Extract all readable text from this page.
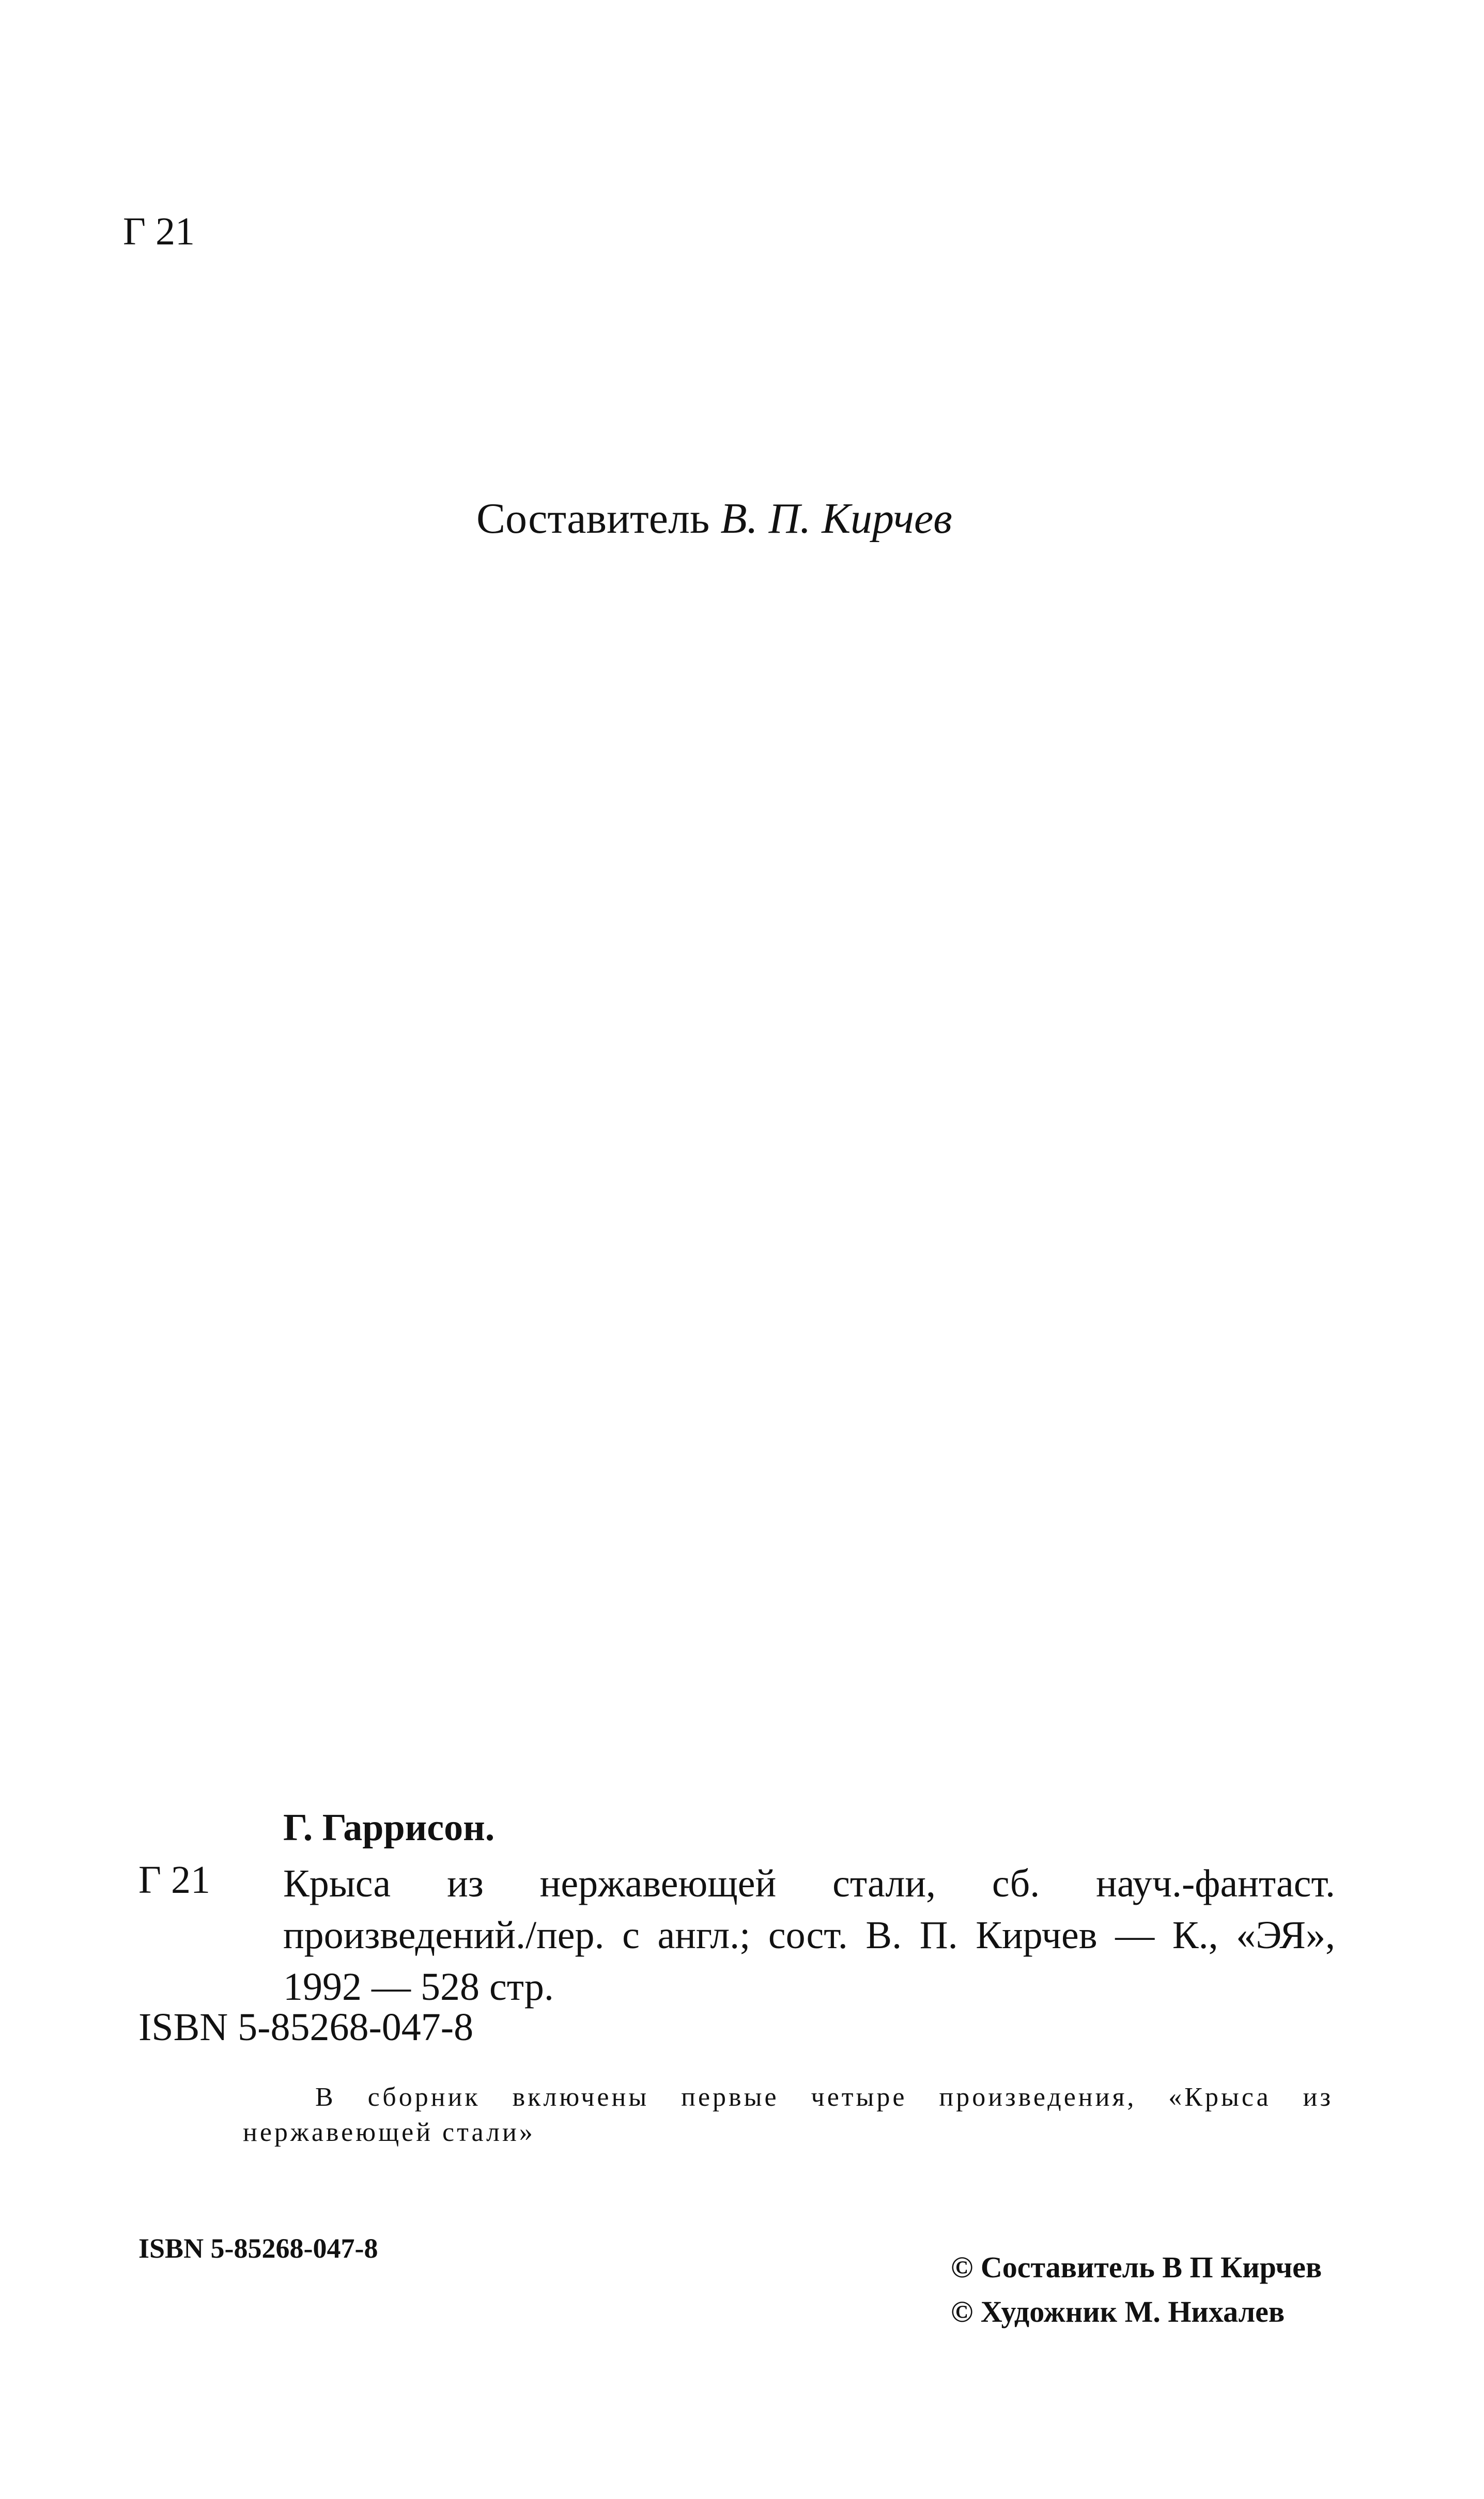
Г 21
Составитель В. П. Кирчев
Г. Гаррисон.
Г 21 Крыса из нержавеющей стали, сб. науч.-фантаст. произведений./пер. с англ.; сост. В. П. Кирчев — К., «ЭЯ», 1992 — 528 стр.
ISBN 5-85268-047-8
В сборник включены первые четыре произведения, «Крыса из нержавеющей стали»
ISBN 5-85268-047-8
© Составитель В П Кирчев
© Художник М. Нихалев
